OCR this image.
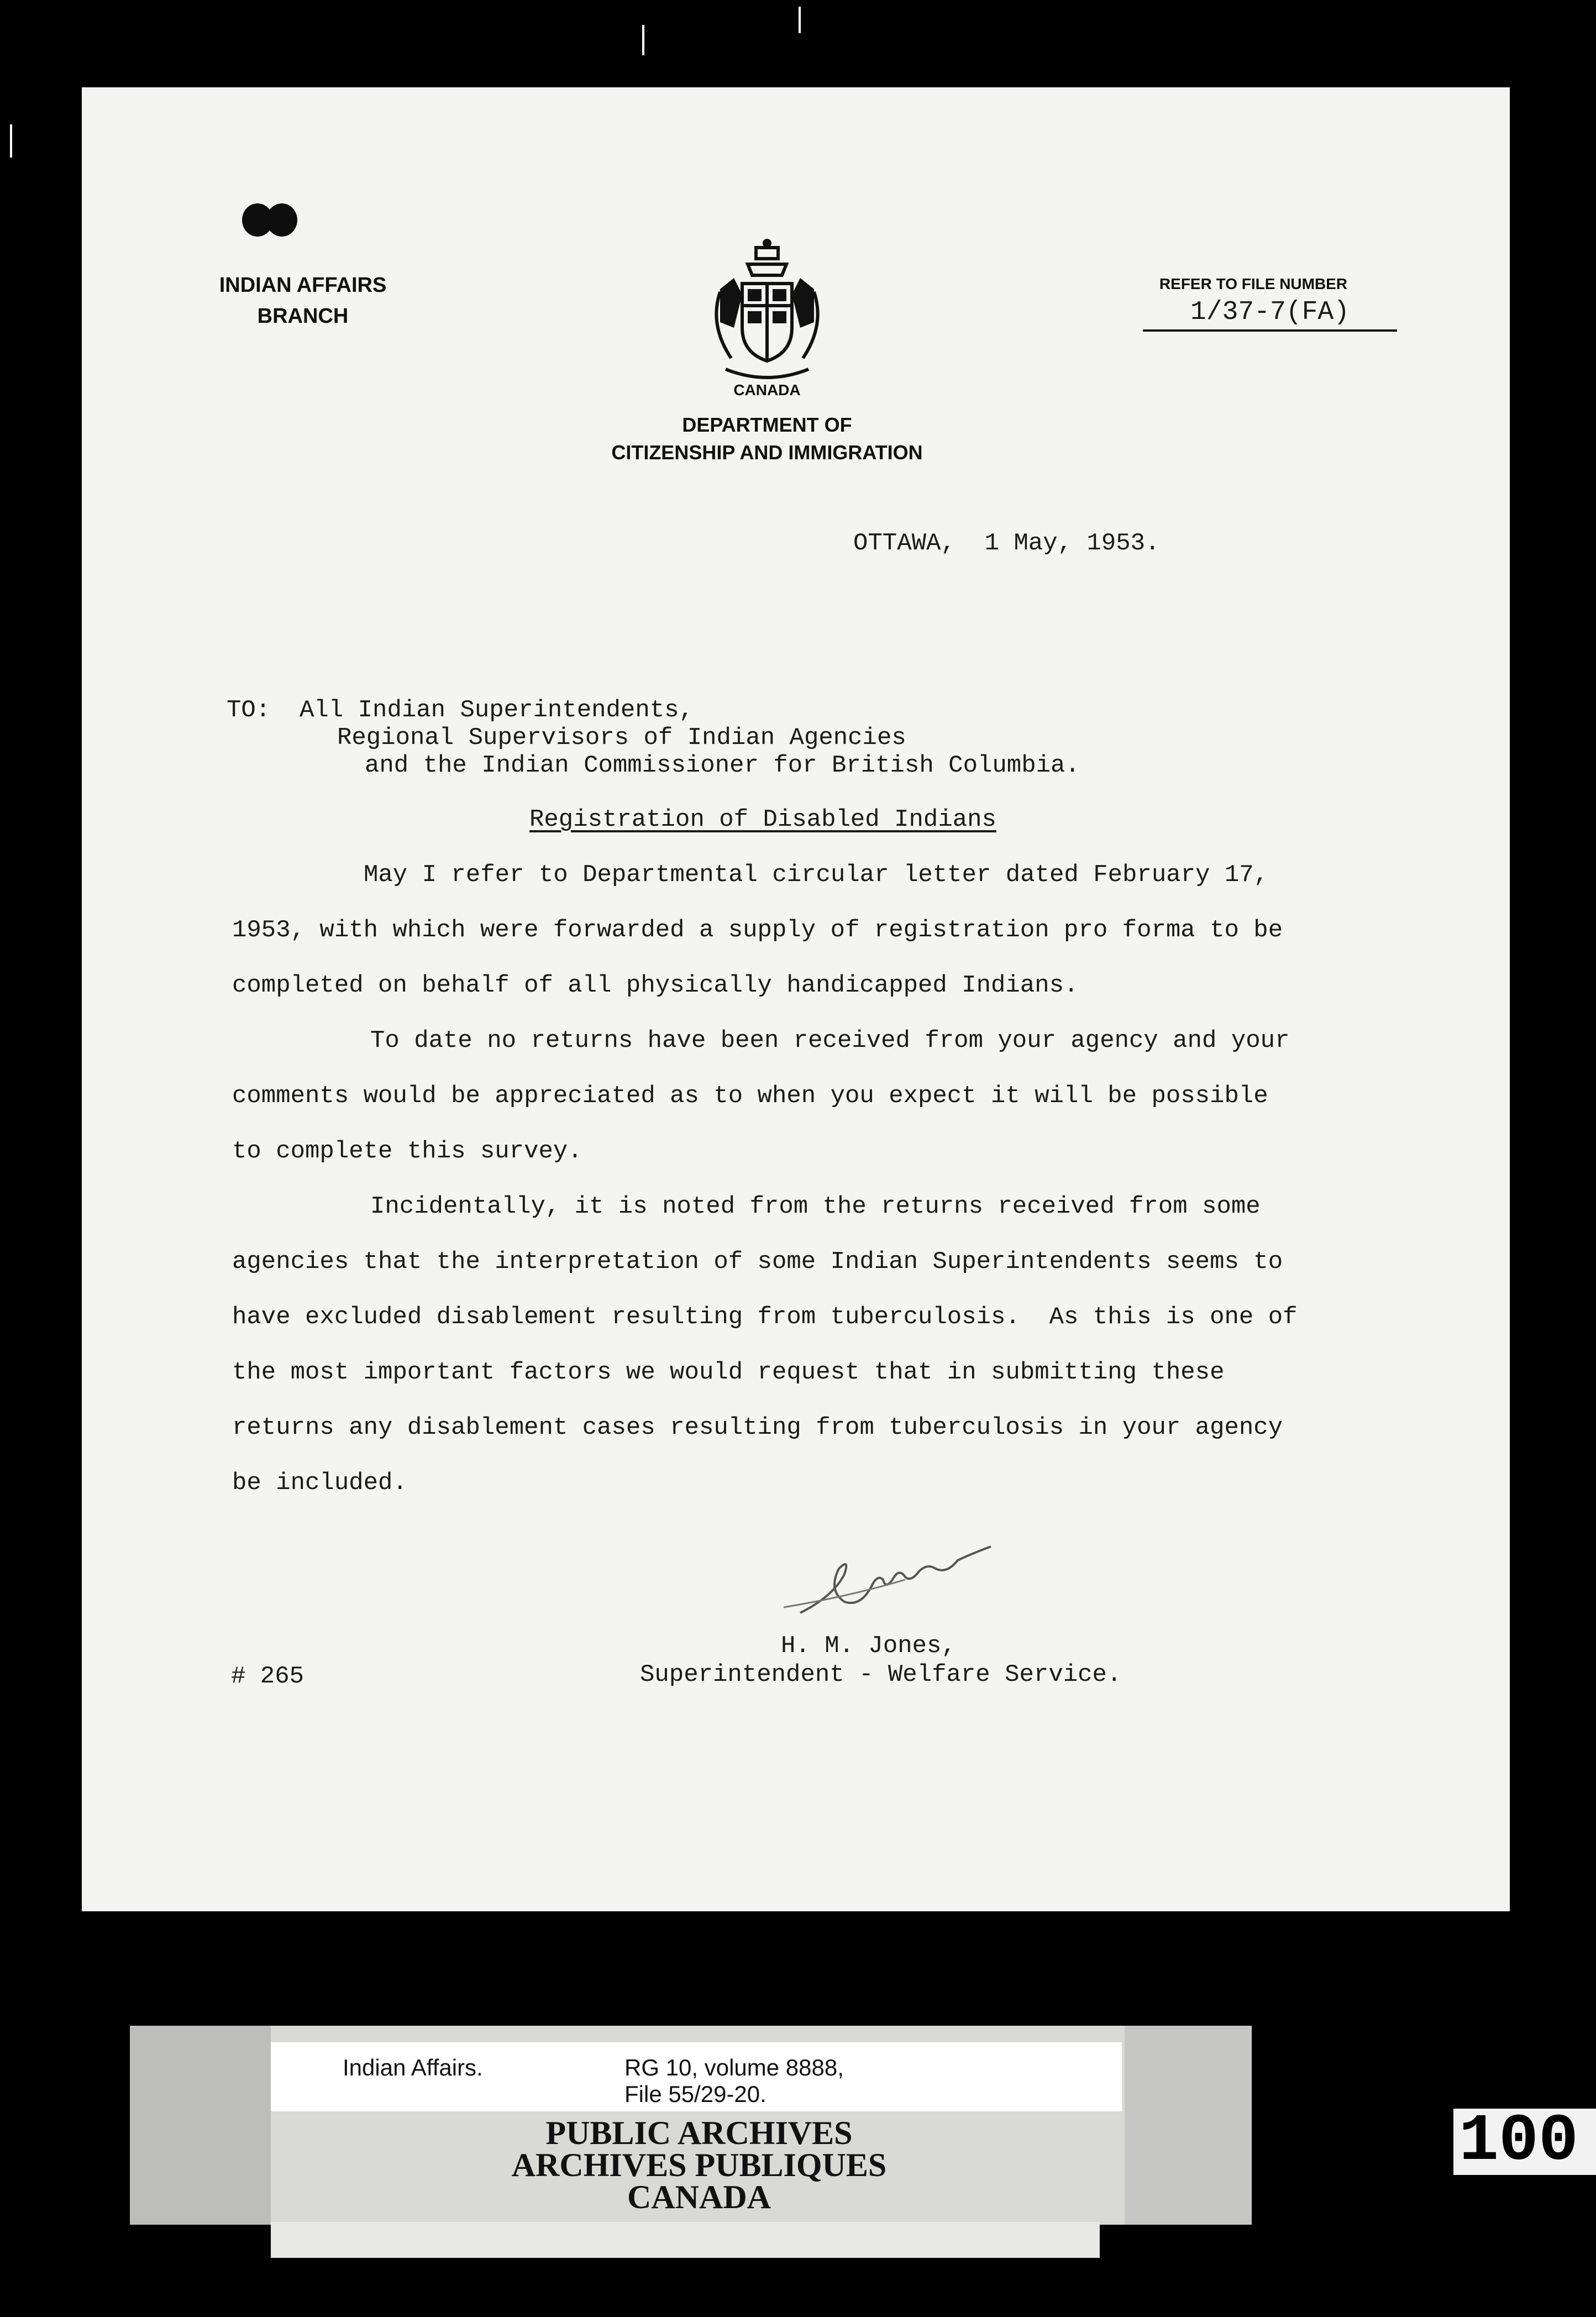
INDIAN AFFAIRS
BRANCH
CANADA
DEPARTMENT OF
CITIZENSHIP AND IMMIGRATION
REFER TO FILE NUMBER
1/37-7(FA)
OTTAWA,  1 May, 1953.
TO:  All Indian Superintendents,
Regional Supervisors of Indian Agencies
and the Indian Commissioner for British Columbia.
Registration of Disabled Indians
May I refer to Departmental circular letter dated February 17,
1953, with which were forwarded a supply of registration pro forma to be
completed on behalf of all physically handicapped Indians.
To date no returns have been received from your agency and your
comments would be appreciated as to when you expect it will be possible
to complete this survey.
Incidentally, it is noted from the returns received from some
agencies that the interpretation of some Indian Superintendents seems to
have excluded disablement resulting from tuberculosis.  As this is one of
the most important factors we would request that in submitting these
returns any disablement cases resulting from tuberculosis in your agency
be included.
# 265
H. M. Jones,
Superintendent - Welfare Service.
Indian Affairs.	RG 10, volume 8888,
File 55/29-20.
PUBLIC ARCHIVES
ARCHIVES PUBLIQUES
CANADA
100
